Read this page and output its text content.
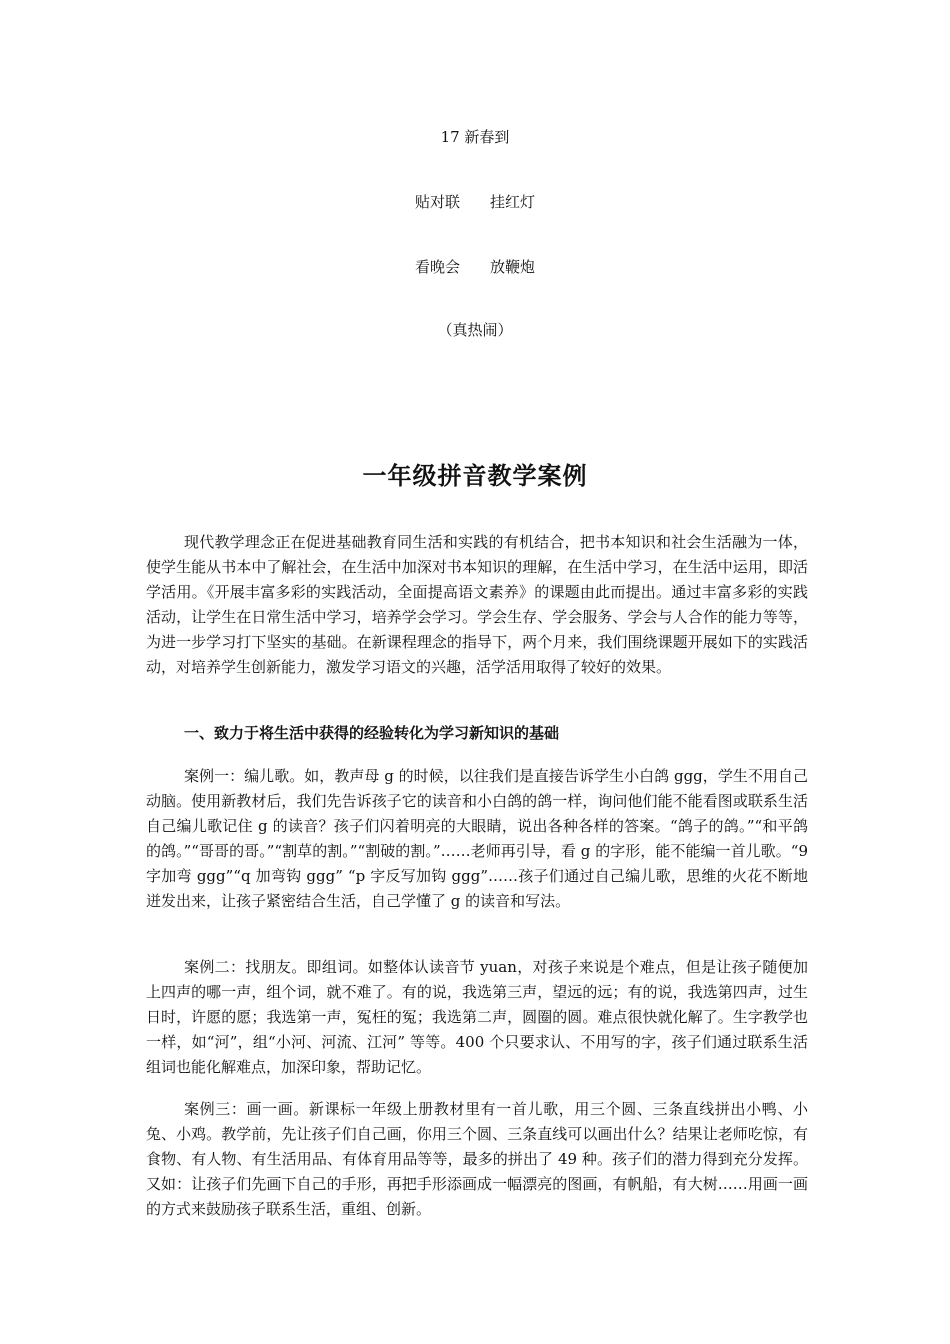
17 新春到
贴对联　　挂红灯
看晚会　　放鞭炮
（真热闹）
一年级拼音教学案例

现代教学理念正在促进基础教育同生活和实践的有机结合，把书本知识和社会生活融为一体，使学生能从书本中了解社会，在生活中加深对书本知识的理解，在生活中学习，在生活中运用，即活学活用。《开展丰富多彩的实践活动，全面提高语文素养》的课题由此而提出。通过丰富多彩的实践活动，让学生在日常生活中学习，培养学会学习。学会生存、学会服务、学会与人合作的能力等等，为进一步学习打下坚实的基础。在新课程理念的指导下，两个月来，我们围绕课题开展如下的实践活动，对培养学生创新能力，激发学习语文的兴趣，活学活用取得了较好的效果。

一、致力于将生活中获得的经验转化为学习新知识的基础

案例一：编儿歌。如，教声母 g 的时候，以往我们是直接告诉学生小白鸽 ggg，学生不用自己动脑。使用新教材后，我们先告诉孩子它的读音和小白鸽的鸽一样，询问他们能不能看图或联系生活自己编儿歌记住 g 的读音？孩子们闪着明亮的大眼睛，说出各种各样的答案。“鸽子的鸽。”“和平鸽的鸽。”“哥哥的哥。”“割草的割。”“割破的割。”……老师再引导，看 g 的字形，能不能编一首儿歌。“9 字加弯 ggg”“q 加弯钩 ggg” “p 字反写加钩 ggg”……孩子们通过自己编儿歌，思维的火花不断地迸发出来，让孩子紧密结合生活，自己学懂了 g 的读音和写法。

案例二：找朋友。即组词。如整体认读音节 yuan，对孩子来说是个难点，但是让孩子随便加上四声的哪一声，组个词，就不难了。有的说，我选第三声，望远的远；有的说，我选第四声，过生日时，许愿的愿；我选第一声，冤枉的冤；我选第二声，圆圈的圆。难点很快就化解了。生字教学也一样，如“河”，组“小河、河流、江河” 等等。400 个只要求认、不用写的字，孩子们通过联系生活组词也能化解难点，加深印象，帮助记忆。

案例三：画一画。新课标一年级上册教材里有一首儿歌，用三个圆、三条直线拼出小鸭、小兔、小鸡。教学前，先让孩子们自己画，你用三个圆、三条直线可以画出什么？结果让老师吃惊，有食物、有人物、有生活用品、有体育用品等等，最多的拼出了 49 种。孩子们的潜力得到充分发挥。又如：让孩子们先画下自己的手形，再把手形添画成一幅漂亮的图画，有帆船，有大树……用画一画的方式来鼓励孩子联系生活，重组、创新。
